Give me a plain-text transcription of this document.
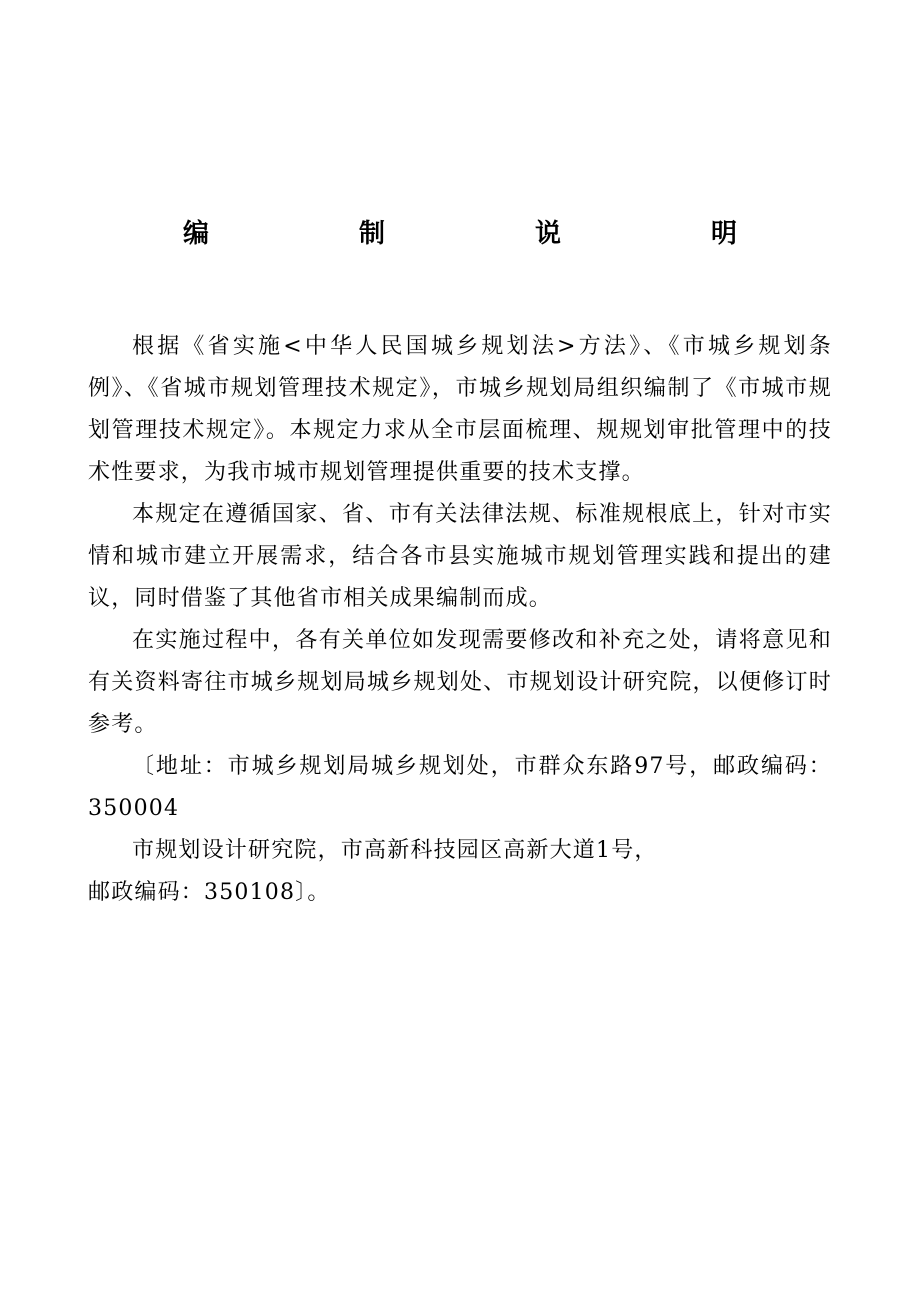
编　制　说　明

根据《省实施<中华人民国城乡规划法>方法》、《市城乡规划条例》、《省城市规划管理技术规定》，市城乡规划局组织编制了《市城市规划管理技术规定》。本规定力求从全市层面梳理、规规划审批管理中的技术性要求，为我市城市规划管理提供重要的技术支撑。

本规定在遵循国家、省、市有关法律法规、标准规根底上，针对市实情和城市建立开展需求，结合各市县实施城市规划管理实践和提出的建议，同时借鉴了其他省市相关成果编制而成。

在实施过程中，各有关单位如发现需要修改和补充之处，请将意见和有关资料寄往市城乡规划局城乡规划处、市规划设计研究院，以便修订时参考。

〔地址：市城乡规划局城乡规划处，市群众东路97号，邮政编码：350004

市规划设计研究院，市高新科技园区高新大道1号，

邮政编码：350108〕。
